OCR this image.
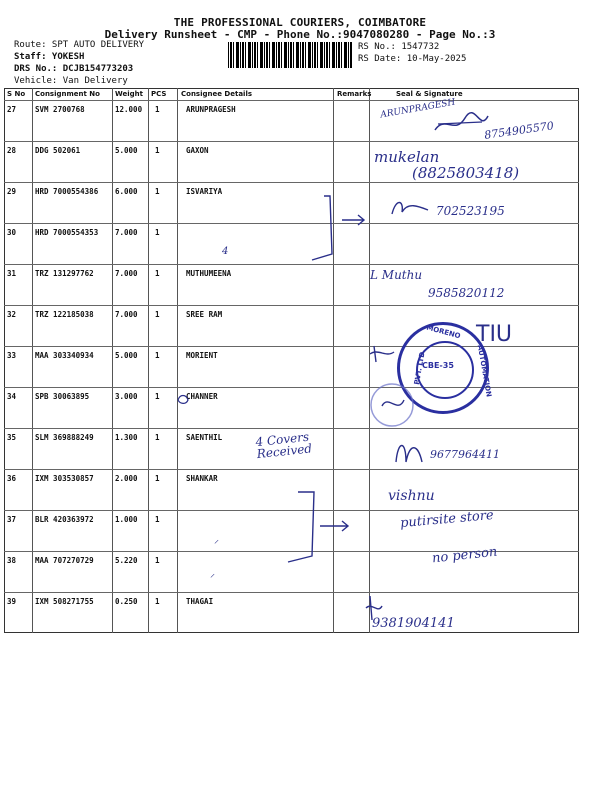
THE PROFESSIONAL COURIERS, COIMBATORE
Delivery Runsheet - CMP - Phone No.:9047080280 - Page No.:3
Route: SPT AUTO DELIVERY
Staff: YOKESH
DRS No.: DCJB154773203
Vehicle: Van Delivery
RS No.: 1547732
RS Date: 10-May-2025
S No Consignment No Weight PCS Consignee Details	Remarks	Seal & Signature
27	SVM 2700768	12.000 1	ARUNPRAGESH
28	DDG 502061	5.000 1	GAXON
29	HRD 7000554386 6.000 1	ISVARIYA
30	HRD 7000554353 7.000 1
31	TRZ 131297762	7.000 1	MUTHUMEENA
32	TRZ 122185038	7.000 1	SREE RAM
33	MAA 303340934	5.000 1	MORIENT
34	SPB 30063895	3.000 1	CHANNER
35	SLM 369888249	1.300 1	SAENTHIL
36	IXM 303530857	2.000 1	SHANKAR
37	BLR 420363972	1.000 1
38	MAA 707270729	5.220 1
39	IXM 508271755	0.250 1	THAGAI
ARUNPRAGESH
8754905570
mukelan
(8825803418)
702523195
4
L Muthu
9585820112
MORENO
AUTOMATION
PVT. LTD.
CBE-35
TIU
4 Covers Received	9677964411
vishnu
putirsite store
⸍
no person
⸍
9381904141
